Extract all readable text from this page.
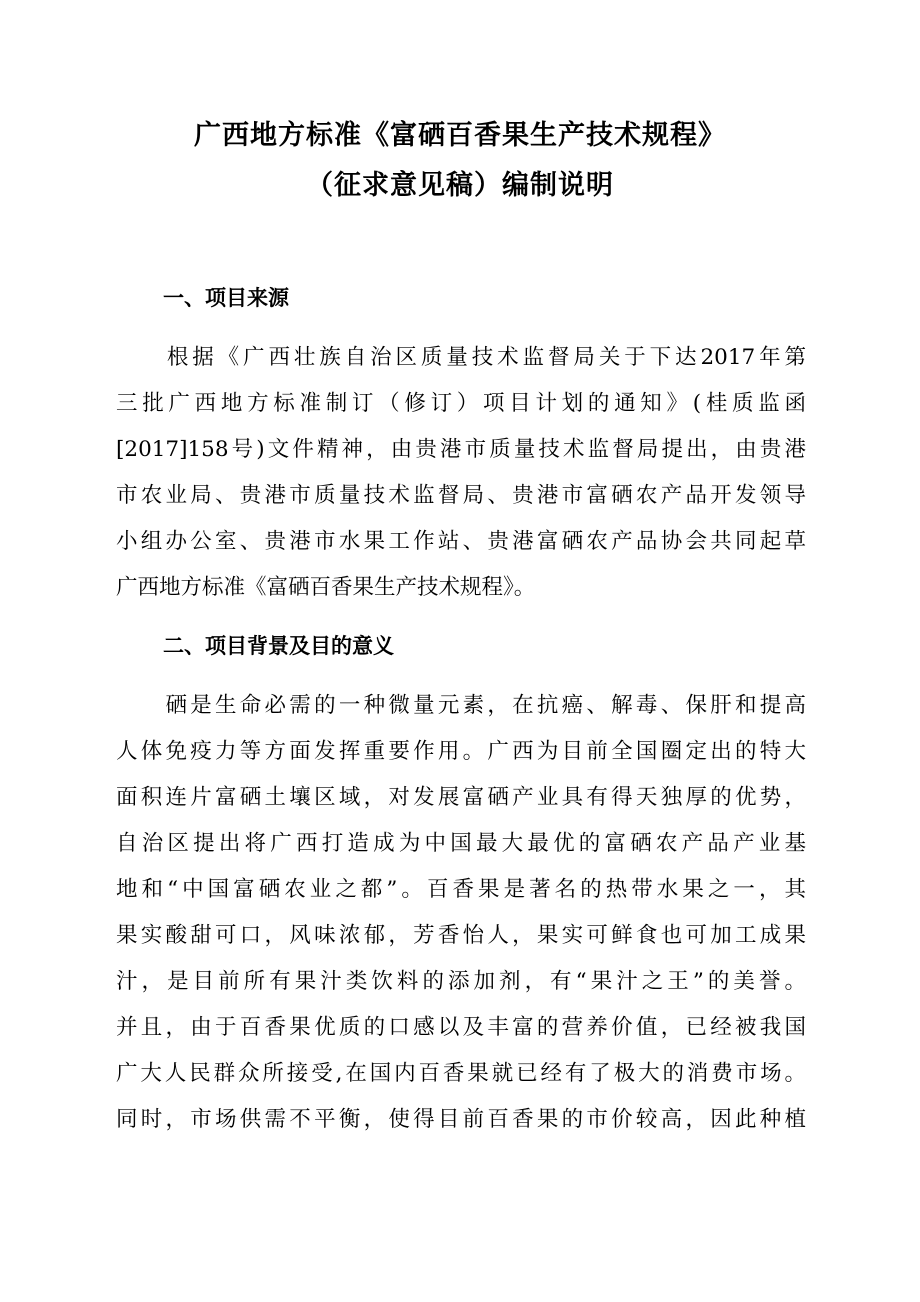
广西地方标准《富硒百香果生产技术规程》
（征求意见稿）编制说明
一、项目来源
　　根据《广西壮族自治区质量技术监督局关于下达2017年第
三批广西地方标准制订（修订）项目计划的通知》(桂质监函
[2017]158号)文件精神，由贵港市质量技术监督局提出，由贵港
市农业局、贵港市质量技术监督局、贵港市富硒农产品开发领导
小组办公室、贵港市水果工作站、贵港富硒农产品协会共同起草
广西地方标准《富硒百香果生产技术规程》。
二、项目背景及目的意义
　　硒是生命必需的一种微量元素，在抗癌、解毒、保肝和提高
人体免疫力等方面发挥重要作用。广西为目前全国圈定出的特大
面积连片富硒土壤区域，对发展富硒产业具有得天独厚的优势，
自治区提出将广西打造成为中国最大最优的富硒农产品产业基
地和“中国富硒农业之都”。百香果是著名的热带水果之一，其
果实酸甜可口，风味浓郁，芳香怡人，果实可鲜食也可加工成果
汁，是目前所有果汁类饮料的添加剂，有“果汁之王”的美誉。
并且，由于百香果优质的口感以及丰富的营养价值，已经被我国
广大人民群众所接受,在国内百香果就已经有了极大的消费市场。
同时，市场供需不平衡，使得目前百香果的市价较高，因此种植
